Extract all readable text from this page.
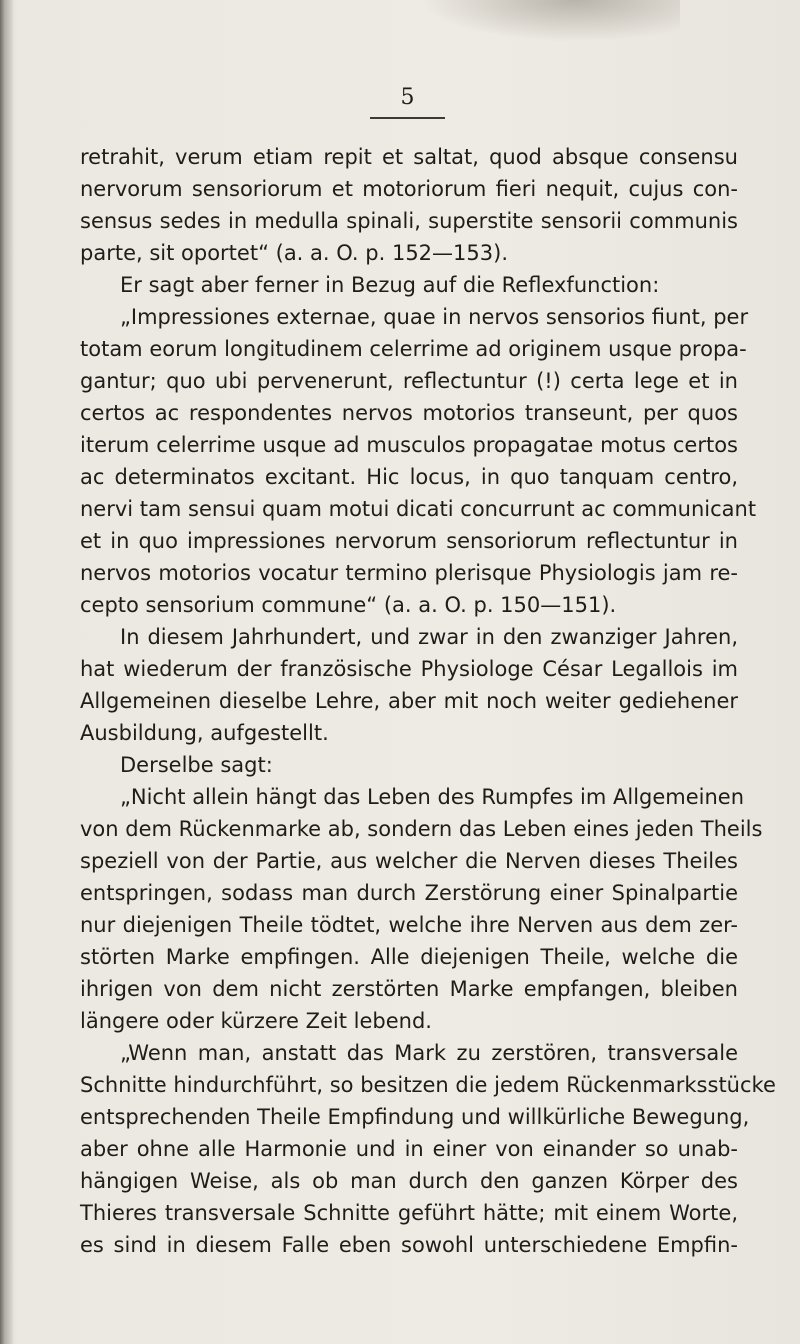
5
retrahit, verum etiam repit et saltat, quod absque consensu
nervorum sensoriorum et motoriorum fieri nequit, cujus con-
sensus sedes in medulla spinali, superstite sensorii communis
parte, sit oportet“ (a. a. O. p. 152—153).
Er sagt aber ferner in Bezug auf die Reflexfunction:
„Impressiones externae, quae in nervos sensorios fiunt, per
totam eorum longitudinem celerrime ad originem usque propa-
gantur; quo ubi pervenerunt, reflectuntur (!) certa lege et in
certos ac respondentes nervos motorios transeunt, per quos
iterum celerrime usque ad musculos propagatae motus certos
ac determinatos excitant. Hic locus, in quo tanquam centro,
nervi tam sensui quam motui dicati concurrunt ac communicant
et in quo impressiones nervorum sensoriorum reflectuntur in
nervos motorios vocatur termino plerisque Physiologis jam re-
cepto sensorium commune“ (a. a. O. p. 150—151).
In diesem Jahrhundert, und zwar in den zwanziger Jahren,
hat wiederum der französische Physiologe César Legallois im
Allgemeinen dieselbe Lehre, aber mit noch weiter gediehener
Ausbildung, aufgestellt.
Derselbe sagt:
„Nicht allein hängt das Leben des Rumpfes im Allgemeinen
von dem Rückenmarke ab, sondern das Leben eines jeden Theils
speziell von der Partie, aus welcher die Nerven dieses Theiles
entspringen, sodass man durch Zerstörung einer Spinalpartie
nur diejenigen Theile tödtet, welche ihre Nerven aus dem zer-
störten Marke empfingen. Alle diejenigen Theile, welche die
ihrigen von dem nicht zerstörten Marke empfangen, bleiben
längere oder kürzere Zeit lebend.
„Wenn man, anstatt das Mark zu zerstören, transversale
Schnitte hindurchführt, so besitzen die jedem Rückenmarksstücke
entsprechenden Theile Empfindung und willkürliche Bewegung,
aber ohne alle Harmonie und in einer von einander so unab-
hängigen Weise, als ob man durch den ganzen Körper des
Thieres transversale Schnitte geführt hätte; mit einem Worte,
es sind in diesem Falle eben sowohl unterschiedene Empfin-
